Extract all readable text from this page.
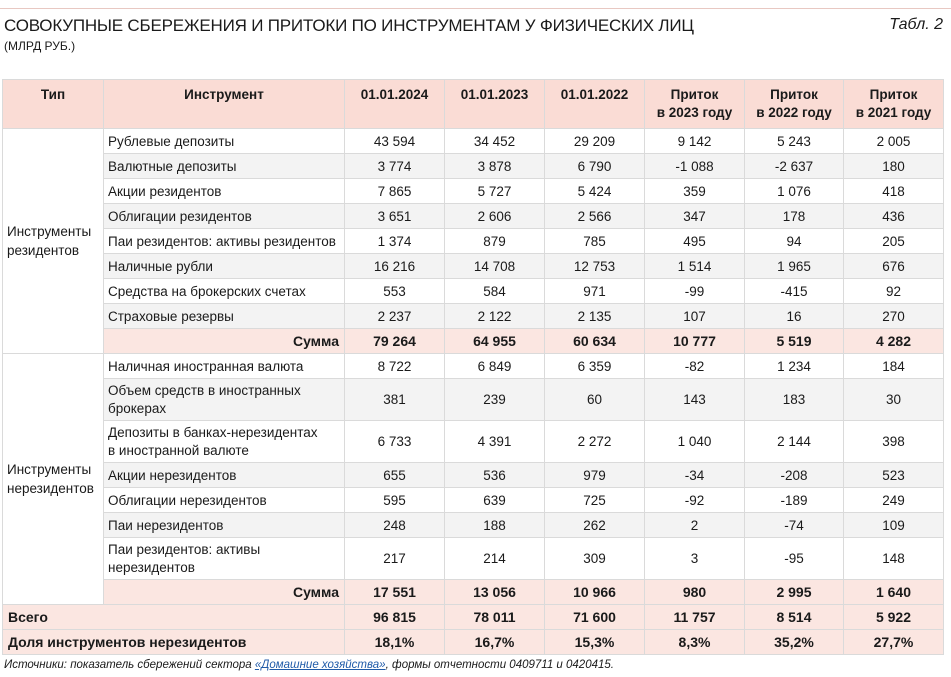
СОВОКУПНЫЕ СБЕРЕЖЕНИЯ И ПРИТОКИ ПО ИНСТРУМЕНТАМ У ФИЗИЧЕСКИХ ЛИЦ
(МЛРД РУБ.)
Табл. 2
Тип	Инструмент	01.01.2024	01.01.2023	01.01.2022	Приток
в 2023 году	Приток
в 2022 году	Приток
в 2021 году
Инструменты
резидентов	Рублевые депозиты	43 594	34 452	29 209	9 142	5 243	2 005
	Валютные депозиты	3 774	3 878	6 790	-1 088	-2 637	180
	Акции резидентов	7 865	5 727	5 424	359	1 076	418
	Облигации резидентов	3 651	2 606	2 566	347	178	436
	Паи резидентов: активы резидентов	1 374	879	785	495	94	205
	Наличные рубли	16 216	14 708	12 753	1 514	1 965	676
	Средства на брокерских счетах	553	584	971	-99	-415	92
	Страховые резервы	2 237	2 122	2 135	107	16	270
	Сумма	79 264	64 955	60 634	10 777	5 519	4 282
Инструменты
нерезидентов	Наличная иностранная валюта	8 722	6 849	6 359	-82	1 234	184
	Объем средств в иностранных
брокерах	381	239	60	143	183	30
	Депозиты в банках-нерезидентах
в иностранной валюте	6 733	4 391	2 272	1 040	2 144	398
	Акции нерезидентов	655	536	979	-34	-208	523
	Облигации нерезидентов	595	639	725	-92	-189	249
	Паи нерезидентов	248	188	262	2	-74	109
	Паи резидентов: активы
нерезидентов	217	214	309	3	-95	148
	Сумма	17 551	13 056	10 966	980	2 995	1 640
Всего		96 815	78 011	71 600	11 757	8 514	5 922
Доля инструментов нерезидентов		18,1%	16,7%	15,3%	8,3%	35,2%	27,7%
Источники: показатель сбережений сектора «Домашние хозяйства», формы отчетности 0409711 и 0420415.
